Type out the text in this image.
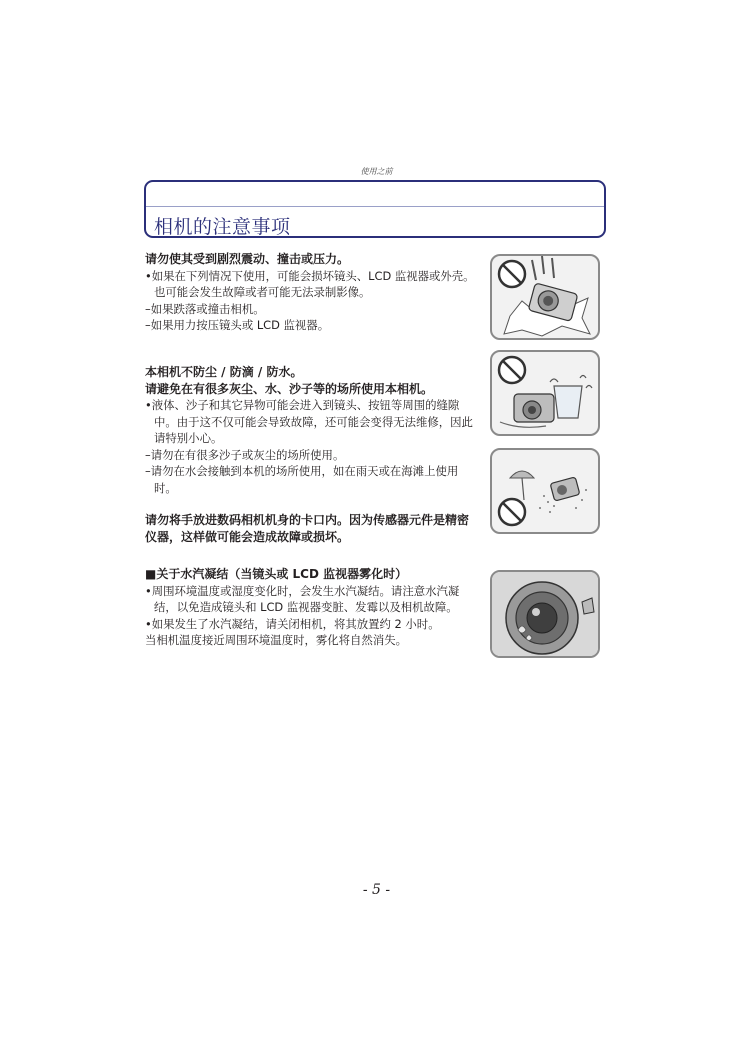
使用之前
相机的注意事项

请勿使其受到剧烈震动、撞击或压力。

•如果在下列情况下使用，可能会损坏镜头、LCD 监视器或外壳。

也可能会发生故障或者可能无法录制影像。

–如果跌落或撞击相机。

–如果用力按压镜头或 LCD 监视器。

本相机不防尘 / 防滴 / 防水。

请避免在有很多灰尘、水、沙子等的场所使用本相机。

•液体、沙子和其它异物可能会进入到镜头、按钮等周围的缝隙中。由于这不仅可能会导致故障，还可能会变得无法维修，因此请特别小心。

–请勿在有很多沙子或灰尘的场所使用。

–请勿在水会接触到本机的场所使用，如在雨天或在海滩上使用时。

请勿将手放进数码相机机身的卡口内。因为传感器元件是精密仪器，这样做可能会造成故障或损坏。

■关于水汽凝结（当镜头或 LCD 监视器雾化时）

•周围环境温度或湿度变化时，会发生水汽凝结。请注意水汽凝结，以免造成镜头和 LCD 监视器变脏、发霉以及相机故障。

•如果发生了水汽凝结，请关闭相机，将其放置约 2 小时。

当相机温度接近周围环境温度时，雾化将自然消失。

- 5 -
